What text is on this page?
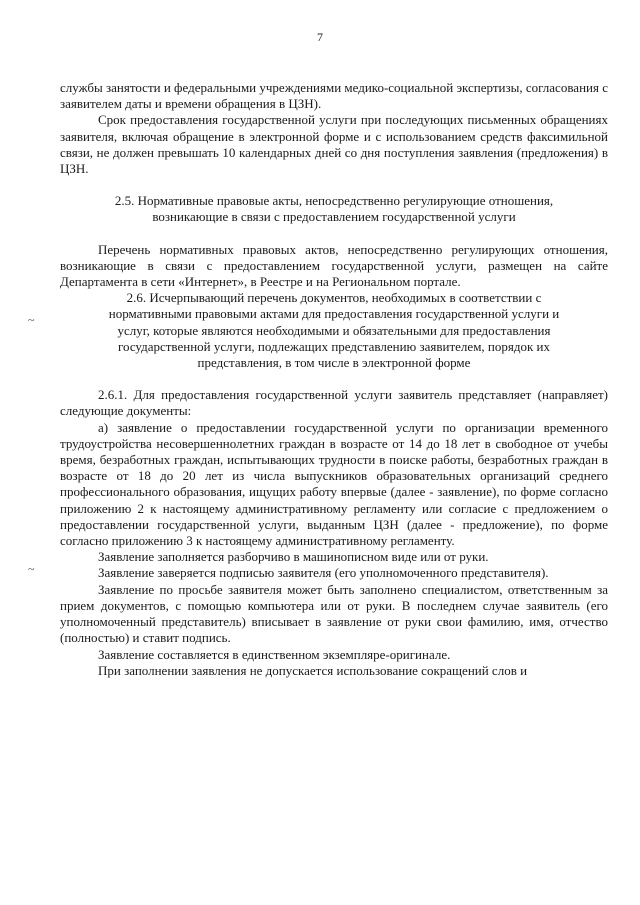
7
~
~

службы занятости и федеральными учреждениями медико-социальной экспертизы, согласования с заявителем даты и времени обращения в ЦЗН).

Срок предоставления государственной услуги при последующих письменных обращениях заявителя, включая обращение в электронной форме и с использованием средств факсимильной связи, не должен превышать 10 календарных дней со дня поступления заявления (предложения) в ЦЗН.

2.5. Нормативные правовые акты, непосредственно регулирующие отношения, возникающие в связи с предоставлением государственной услуги

Перечень нормативных правовых актов, непосредственно регулирующих отношения, возникающие в связи с предоставлением государственной услуги, размещен на сайте Департамента в сети «Интернет», в Реестре и на Региональном портале.

2.6. Исчерпывающий перечень документов, необходимых в соответствии с нормативными правовыми актами для предоставления государственной услуги и услуг, которые являются необходимыми и обязательными для предоставления государственной услуги, подлежащих представлению заявителем, порядок их представления, в том числе в электронной форме

2.6.1. Для предоставления государственной услуги заявитель представляет (направляет) следующие документы:

а) заявление о предоставлении государственной услуги по организации временного трудоустройства несовершеннолетних граждан в возрасте от 14 до 18 лет в свободное от учебы время, безработных граждан, испытывающих трудности в поиске работы, безработных граждан в возрасте от 18 до 20 лет из числа выпускников образовательных организаций среднего профессионального образования, ищущих работу впервые (далее - заявление), по форме согласно приложению 2 к настоящему административному регламенту или согласие с предложением о предоставлении государственной услуги, выданным ЦЗН (далее - предложение), по форме согласно приложению 3 к настоящему административному регламенту.

Заявление заполняется разборчиво в машинописном виде или от руки.

Заявление заверяется подписью заявителя (его уполномоченного представителя).

Заявление по просьбе заявителя может быть заполнено специалистом, ответственным за прием документов, с помощью компьютера или от руки. В последнем случае заявитель (его уполномоченный представитель) вписывает в заявление от руки свои фамилию, имя, отчество (полностью) и ставит подпись.

Заявление составляется в единственном экземпляре-оригинале.

При заполнении заявления не допускается использование сокращений слов и
